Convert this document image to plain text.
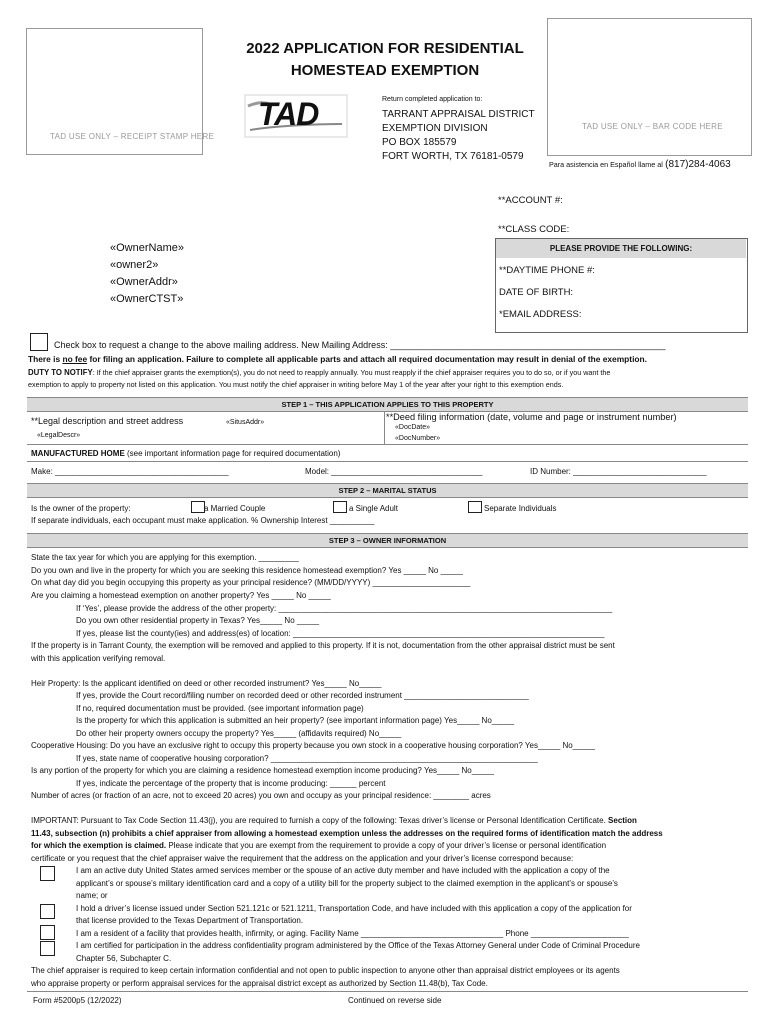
TAD USE ONLY – RECEIPT STAMP HERE
TAD USE ONLY – BAR CODE HERE
2022 APPLICATION FOR RESIDENTIAL
HOMESTEAD EXEMPTION
TAD	Return completed application to:
TARRANT APPRAISAL DISTRICT
EXEMPTION DIVISION
PO BOX 185579
FORT WORTH, TX 76181-0579
Para asistencia en Español llame al (817)284-4063
**ACCOUNT #:
**CLASS CODE:
PLEASE PROVIDE THE FOLLOWING:
**DAYTIME PHONE #:
DATE OF BIRTH:
*EMAIL ADDRESS:
«OwnerName»
«owner2»
«OwnerAddr»
«OwnerCTST»
Check box to request a change to the above mailing address. New Mailing Address: _______________________________________________________
There is no fee for filing an application. Failure to complete all applicable parts and attach all required documentation may result in denial of the exemption.
DUTY TO NOTIFY: If the chief appraiser grants the exemption(s), you do not need to reapply annually. You must reapply if the chief appraiser requires you to do so, or if you want the
exemption to apply to property not listed on this application. You must notify the chief appraiser in writing before May 1 of the year after your right to this exemption ends.
STEP 1 – THIS APPLICATION APPLIES TO THIS PROPERTY
**Legal description and street address	«SitusAddr»
«LegalDescr»
**Deed filing information (date, volume and page or instrument number)
«DocDate»
«DocNumber»
MANUFACTURED HOME (see important information page for required documentation)
Make: _______________________________________	Model: __________________________________	ID Number: ______________________________
STEP 2 – MARITAL STATUS
Is the owner of the property:	a Married Couple	a Single Adult	Separate Individuals
If separate individuals, each occupant must make application. % Ownership Interest __________
STEP 3 – OWNER INFORMATION
State the tax year for which you are applying for this exemption. _________
Do you own and live in the property for which you are seeking this residence homestead exemption? Yes _____ No _____
On what day did you begin occupying this property as your principal residence? (MM/DD/YYYY) ______________________
Are you claiming a homestead exemption on another property? Yes _____ No _____
If ‘Yes’, please provide the address of the other property: ___________________________________________________________________________
Do you own other residential property in Texas? Yes_____ No _____
If yes, please list the county(ies) and address(es) of location: ______________________________________________________________________
If the property is in Tarrant County, the exemption will be removed and applied to this property. If it is not, documentation from the other appraisal district must be sent
with this application verifying removal.
Heir Property: Is the applicant identified on deed or other recorded instrument? Yes_____ No_____
If yes, provide the Court record/filing number on recorded deed or other recorded instrument ____________________________
If no, required documentation must be provided. (see important information page)
Is the property for which this application is submitted an heir property? (see important information page) Yes_____ No_____
Do other heir property owners occupy the property? Yes_____ (affidavits required) No_____
Cooperative Housing: Do you have an exclusive right to occupy this property because you own stock in a cooperative housing corporation? Yes_____ No_____
If yes, state name of cooperative housing corporation? ____________________________________________________________
Is any portion of the property for which you are claiming a residence homestead exemption income producing? Yes_____ No_____
If yes, indicate the percentage of the property that is income producing: ______ percent
Number of acres (or fraction of an acre, not to exceed 20 acres) you own and occupy as your principal residence: ________ acres
IMPORTANT: Pursuant to Tax Code Section 11.43(j), you are required to furnish a copy of the following: Texas driver’s license or Personal Identification Certificate. Section
11.43, subsection (n) prohibits a chief appraiser from allowing a homestead exemption unless the addresses on the required forms of identification match the address
for which the exemption is claimed. Please indicate that you are exempt from the requirement to provide a copy of your driver’s license or personal identification
certificate or you request that the chief appraiser waive the requirement that the address on the application and your driver’s license correspond because:
I am an active duty United States armed services member or the spouse of an active duty member and have included with the application a copy of the
applicant’s or spouse’s military identification card and a copy of a utility bill for the property subject to the claimed exemption in the applicant’s or spouse’s
name; or
I hold a driver’s license issued under Section 521.121c or 521.1211, Transportation Code, and have included with this application a copy of the application for
that license provided to the Texas Department of Transportation.
I am a resident of a facility that provides health, infirmity, or aging. Facility Name ________________________________ Phone ______________________
I am certified for participation in the address confidentiality program administered by the Office of the Texas Attorney General under Code of Criminal Procedure
Chapter 56, Subchapter C.
The chief appraiser is required to keep certain information confidential and not open to public inspection to anyone other than appraisal district employees or its agents
who appraise property or perform appraisal services for the appraisal district except as authorized by Section 11.48(b), Tax Code.
Form #5200p5 (12/2022)	Continued on reverse side
